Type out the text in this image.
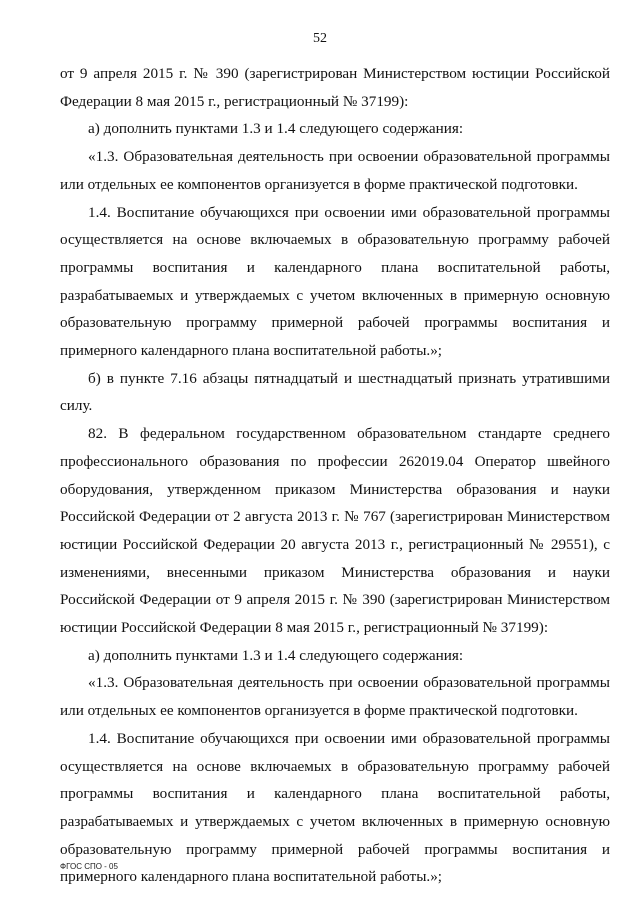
52

от 9 апреля 2015 г. № 390 (зарегистрирован Министерством юстиции Российской Федерации 8 мая 2015 г., регистрационный № 37199):

а) дополнить пунктами 1.3 и 1.4 следующего содержания:

«1.3. Образовательная деятельность при освоении образовательной программы или отдельных ее компонентов организуется в форме практической подготовки.

1.4. Воспитание обучающихся при освоении ими образовательной программы осуществляется на основе включаемых в образовательную программу рабочей программы воспитания и календарного плана воспитательной работы, разрабатываемых и утверждаемых с учетом включенных в примерную основную образовательную программу примерной рабочей программы воспитания и примерного календарного плана воспитательной работы.»;

б) в пункте 7.16 абзацы пятнадцатый и шестнадцатый признать утратившими силу.

82. В федеральном государственном образовательном стандарте среднего профессионального образования по профессии 262019.04 Оператор швейного оборудования, утвержденном приказом Министерства образования и науки Российской Федерации от 2 августа 2013 г. № 767 (зарегистрирован Министерством юстиции Российской Федерации 20 августа 2013 г., регистрационный № 29551), с изменениями, внесенными приказом Министерства образования и науки Российской Федерации от 9 апреля 2015 г. № 390 (зарегистрирован Министерством юстиции Российской Федерации 8 мая 2015 г., регистрационный № 37199):

а) дополнить пунктами 1.3 и 1.4 следующего содержания:

«1.3. Образовательная деятельность при освоении образовательной программы или отдельных ее компонентов организуется в форме практической подготовки.

1.4. Воспитание обучающихся при освоении ими образовательной программы осуществляется на основе включаемых в образовательную программу рабочей программы воспитания и календарного плана воспитательной работы, разрабатываемых и утверждаемых с учетом включенных в примерную основную образовательную программу примерной рабочей программы воспитания и примерного календарного плана воспитательной работы.»;

ФГОС СПО - 05
